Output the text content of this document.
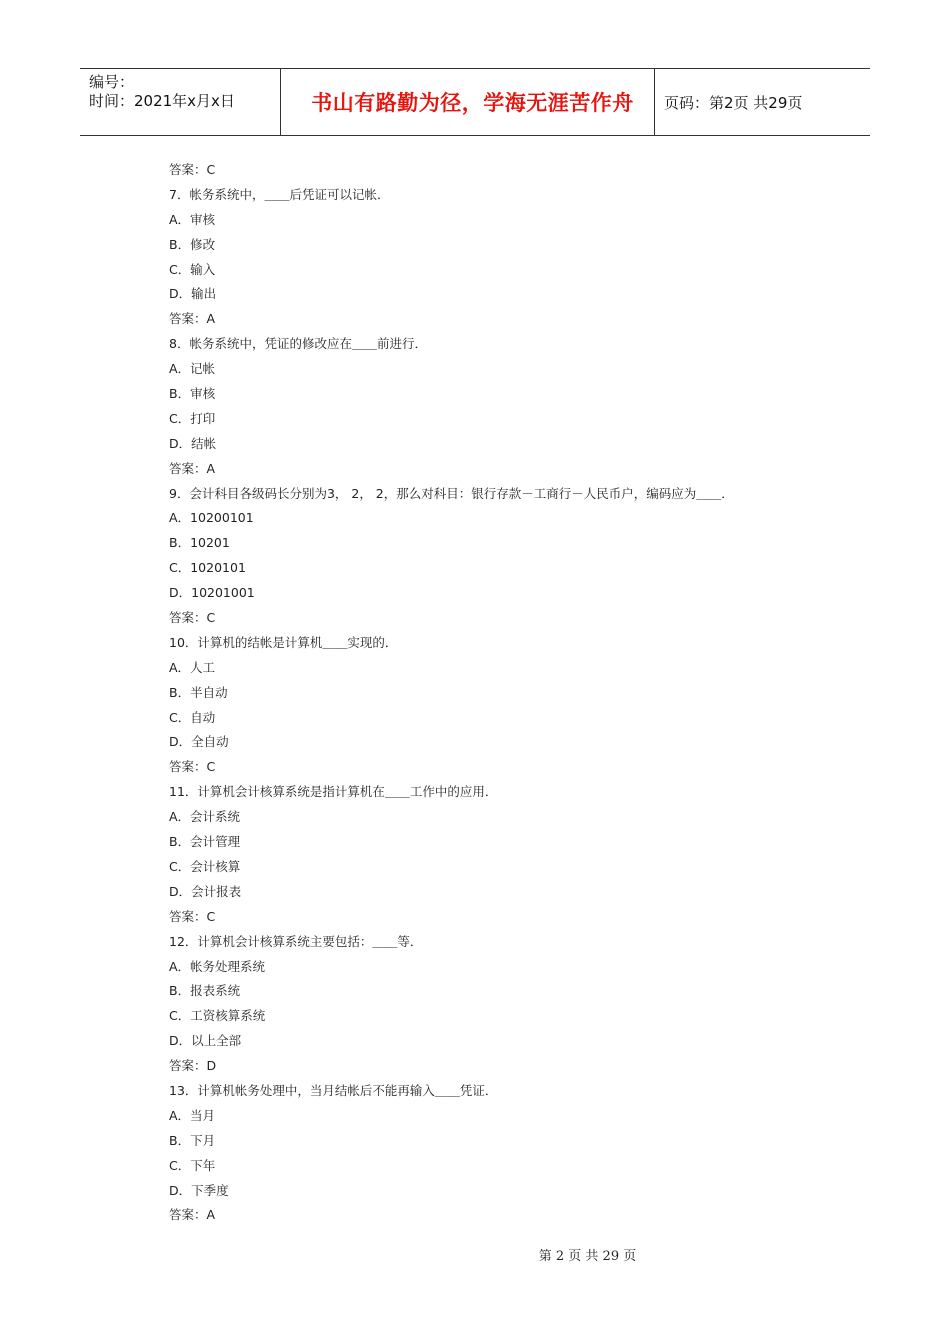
编号：
时间：2021年x月x日	书山有路勤为径，学海无涯苦作舟	页码：第2页 共29页
答案：C
7．帐务系统中，＿＿后凭证可以记帐．
A．审核
B．修改
C．输入
D．输出
答案：A
8．帐务系统中，凭证的修改应在＿＿前进行．
A．记帐
B．审核
C．打印
D．结帐
答案：A
9．会计科目各级码长分别为3， 2， 2，那么对科目：银行存款－工商行－人民币户，编码应为＿＿．
A．10200101
B．10201
C．1020101
D．10201001
答案：C
10．计算机的结帐是计算机＿＿实现的．
A．人工
B．半自动
C．自动
D．全自动
答案：C
11．计算机会计核算系统是指计算机在＿＿工作中的应用．
A．会计系统
B．会计管理
C．会计核算
D．会计报表
答案：C
12．计算机会计核算系统主要包括：＿＿等．
A．帐务处理系统
B．报表系统
C．工资核算系统
D．以上全部
答案：D
13．计算机帐务处理中，当月结帐后不能再输入＿＿凭证．
A．当月
B．下月
C．下年
D．下季度
答案：A
第 2 页 共 29 页
